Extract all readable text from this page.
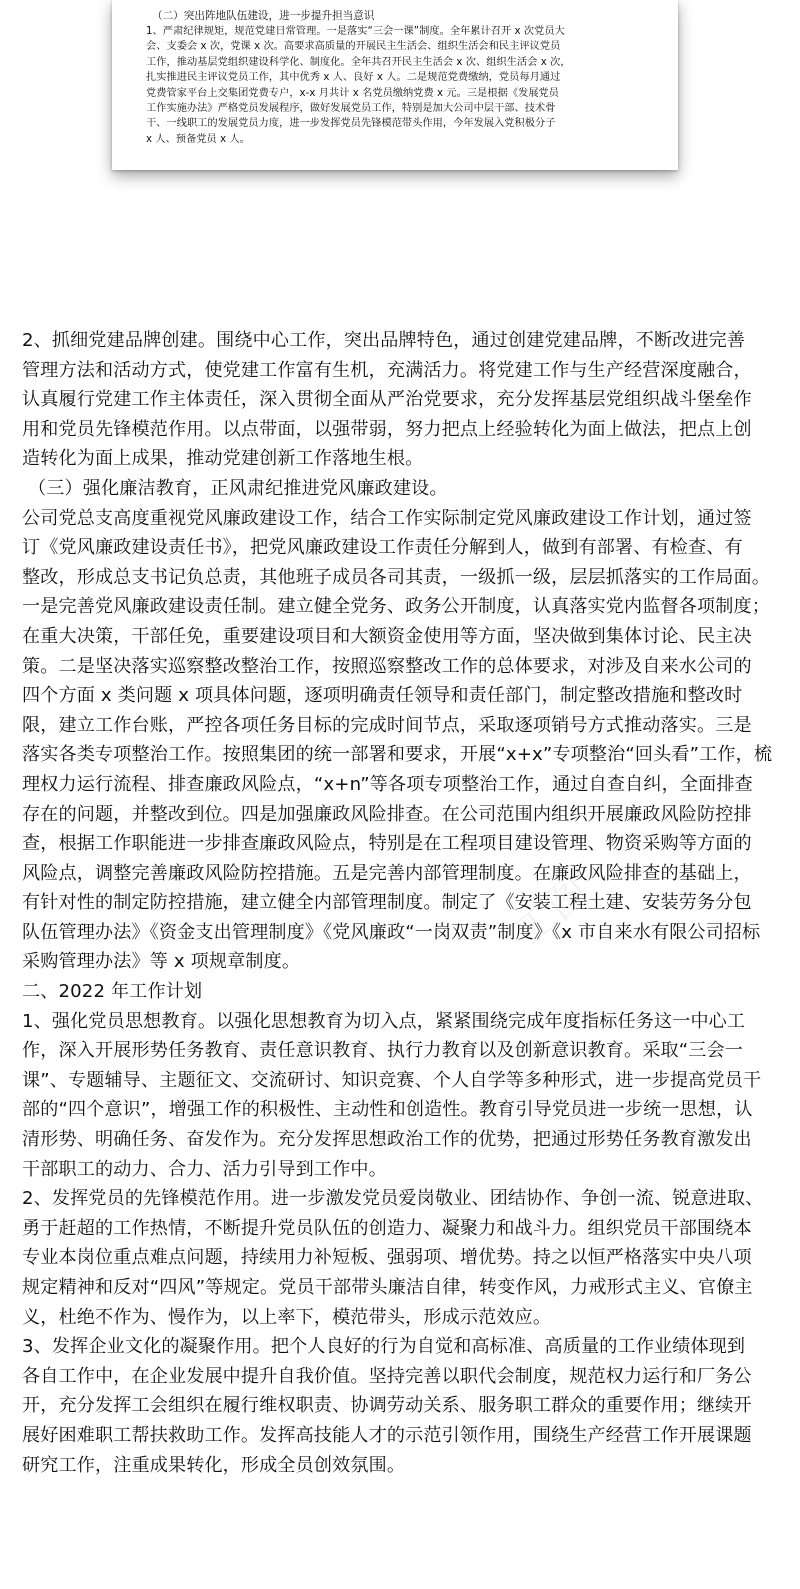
（二）突出阵地队伍建设，进一步提升担当意识

1、严肃纪律规矩，规范党建日常管理。一是落实“三会一课”制度。全年累计召开 x 次党员大

会、支委会 x 次，党课 x 次。高要求高质量的开展民主生活会、组织生活会和民主评议党员

工作，推动基层党组织建设科学化、制度化。全年共召开民主生活会 x 次、组织生活会 x 次，

扎实推进民主评议党员工作，其中优秀 x 人、良好 x 人。二是规范党费缴纳，党员每月通过

党费管家平台上交集团党费专户，x-x 月共计 x 名党员缴纳党费 x 元。三是根据《发展党员

工作实施办法》严格党员发展程序，做好发展党员工作，特别是加大公司中层干部、技术骨

干、一线职工的发展党员力度，进一步发挥党员先锋模范带头作用，今年发展入党积极分子

x 人、预备党员 x 人。

工图

2、抓细党建品牌创建。围绕中心工作，突出品牌特色，通过创建党建品牌，不断改进完善

管理方法和活动方式，使党建工作富有生机，充满活力。将党建工作与生产经营深度融合，

认真履行党建工作主体责任，深入贯彻全面从严治党要求，充分发挥基层党组织战斗堡垒作

用和党员先锋模范作用。以点带面，以强带弱，努力把点上经验转化为面上做法，把点上创

造转化为面上成果，推动党建创新工作落地生根。

（三）强化廉洁教育，正风肃纪推进党风廉政建设。

公司党总支高度重视党风廉政建设工作，结合工作实际制定党风廉政建设工作计划，通过签

订《党风廉政建设责任书》，把党风廉政建设工作责任分解到人，做到有部署、有检查、有

整改，形成总支书记负总责，其他班子成员各司其责，一级抓一级，层层抓落实的工作局面。

一是完善党风廉政建设责任制。建立健全党务、政务公开制度，认真落实党内监督各项制度；

在重大决策，干部任免，重要建设项目和大额资金使用等方面，坚决做到集体讨论、民主决

策。二是坚决落实巡察整改整治工作，按照巡察整改工作的总体要求，对涉及自来水公司的

四个方面 x 类问题 x 项具体问题，逐项明确责任领导和责任部门，制定整改措施和整改时

限，建立工作台账，严控各项任务目标的完成时间节点，采取逐项销号方式推动落实。三是

落实各类专项整治工作。按照集团的统一部署和要求，开展“x+x”专项整治“回头看”工作，梳

理权力运行流程、排查廉政风险点，“x+n”等各项专项整治工作，通过自查自纠，全面排查

存在的问题，并整改到位。四是加强廉政风险排查。在公司范围内组织开展廉政风险防控排

查，根据工作职能进一步排查廉政风险点，特别是在工程项目建设管理、物资采购等方面的

风险点，调整完善廉政风险防控措施。五是完善内部管理制度。在廉政风险排查的基础上，

有针对性的制定防控措施，建立健全内部管理制度。制定了《安装工程土建、安装劳务分包

队伍管理办法》《资金支出管理制度》《党风廉政“一岗双责”制度》《x 市自来水有限公司招标

采购管理办法》等 x 项规章制度。

二、2022 年工作计划

1、强化党员思想教育。以强化思想教育为切入点，紧紧围绕完成年度指标任务这一中心工

作，深入开展形势任务教育、责任意识教育、执行力教育以及创新意识教育。采取“三会一

课”、专题辅导、主题征文、交流研讨、知识竞赛、个人自学等多种形式，进一步提高党员干

部的“四个意识”，增强工作的积极性、主动性和创造性。教育引导党员进一步统一思想，认

清形势、明确任务、奋发作为。充分发挥思想政治工作的优势，把通过形势任务教育激发出

干部职工的动力、合力、活力引导到工作中。

2、发挥党员的先锋模范作用。进一步激发党员爱岗敬业、团结协作、争创一流、锐意进取、

勇于赶超的工作热情，不断提升党员队伍的创造力、凝聚力和战斗力。组织党员干部围绕本

专业本岗位重点难点问题，持续用力补短板、强弱项、增优势。持之以恒严格落实中央八项

规定精神和反对“四风”等规定。党员干部带头廉洁自律，转变作风，力戒形式主义、官僚主

义，杜绝不作为、慢作为，以上率下，模范带头，形成示范效应。

3、发挥企业文化的凝聚作用。把个人良好的行为自觉和高标准、高质量的工作业绩体现到

各自工作中，在企业发展中提升自我价值。坚持完善以职代会制度，规范权力运行和厂务公

开，充分发挥工会组织在履行维权职责、协调劳动关系、服务职工群众的重要作用；继续开

展好困难职工帮扶救助工作。发挥高技能人才的示范引领作用，围绕生产经营工作开展课题

研究工作，注重成果转化，形成全员创效氛围。
